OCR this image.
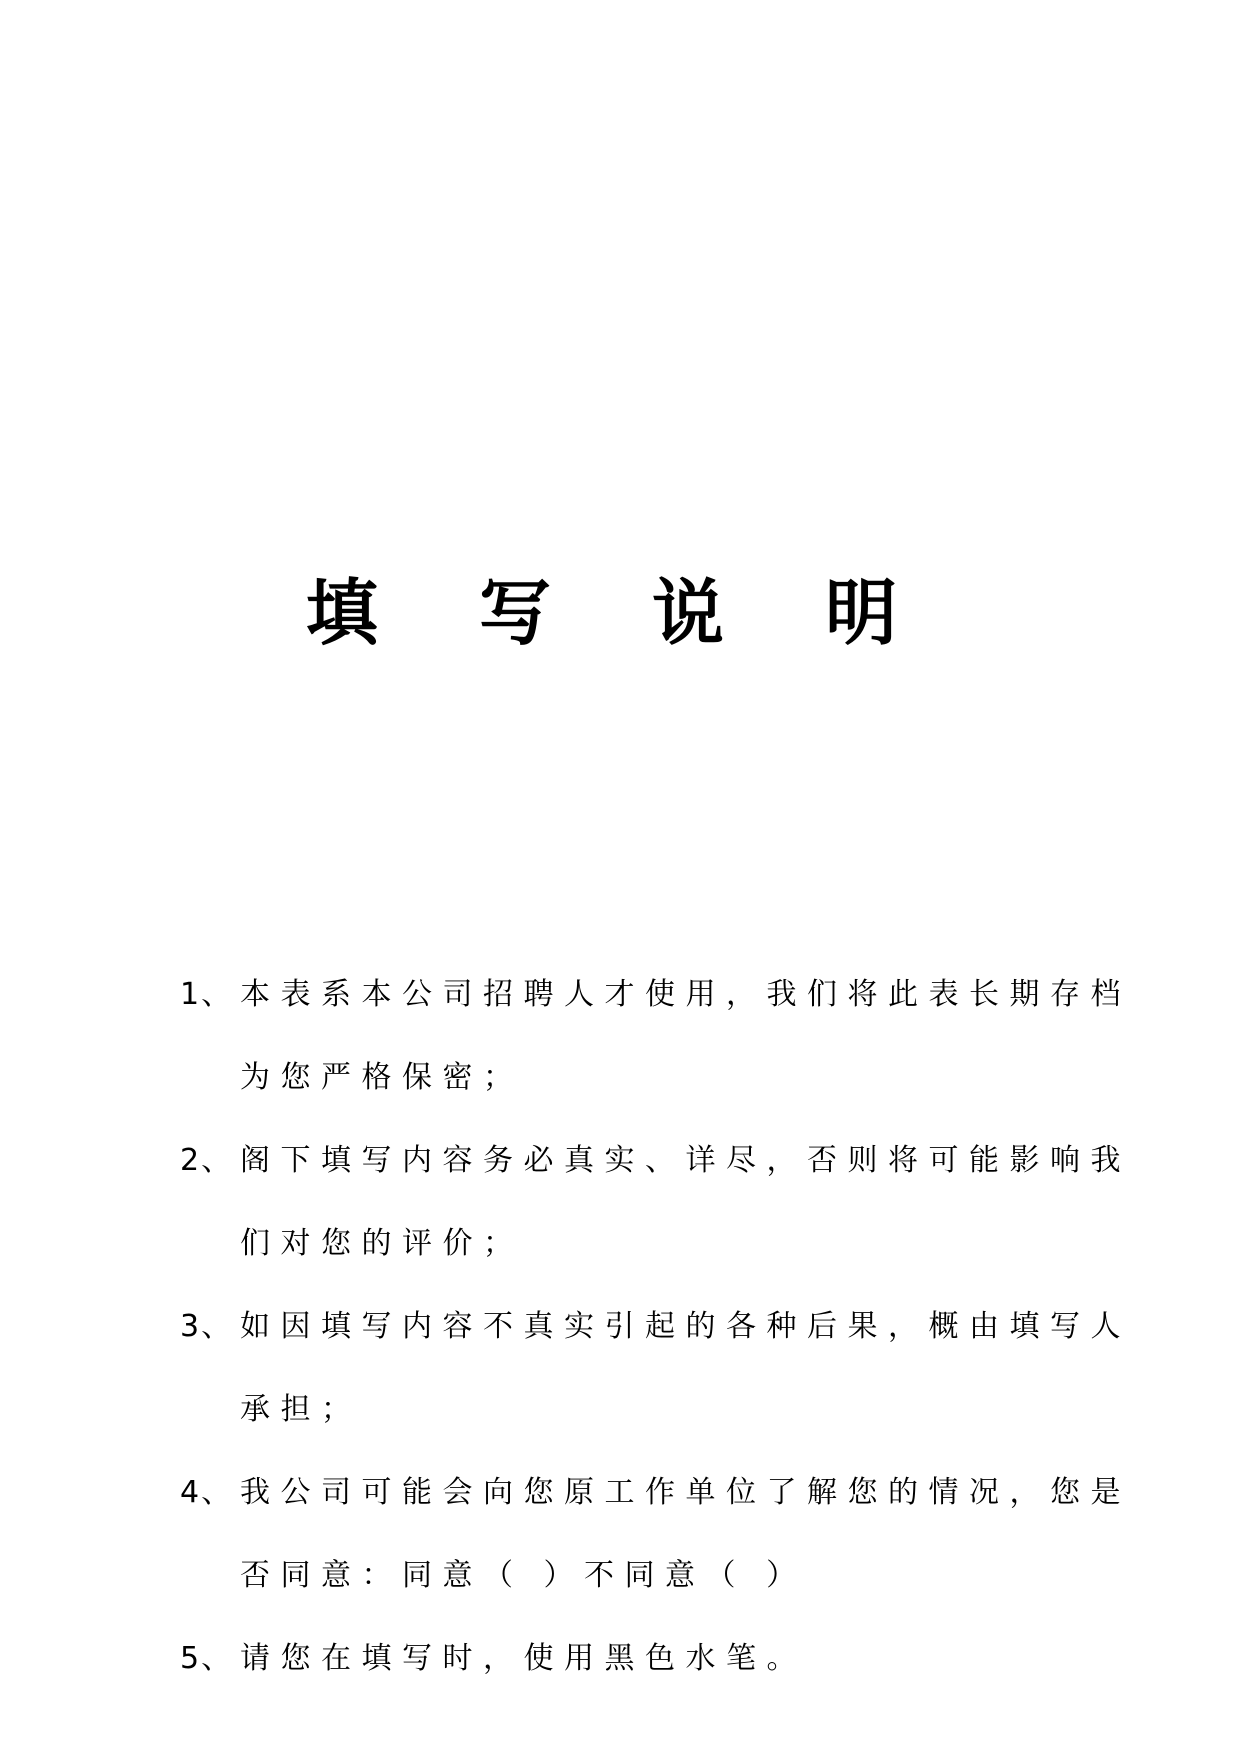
填 写 说 明
1、 本表系本公司招聘人才使用，我们将此表长期存档
为您严格保密；
2、 阁下填写内容务必真实、详尽，否则将可能影响我
们对您的评价；
3、 如因填写内容不真实引起的各种后果，概由填写人
承担；
4、 我公司可能会向您原工作单位了解您的情况，您是
否同意：同意（ ）不同意（ ）
5、 请您在填写时，使用黑色水笔。
